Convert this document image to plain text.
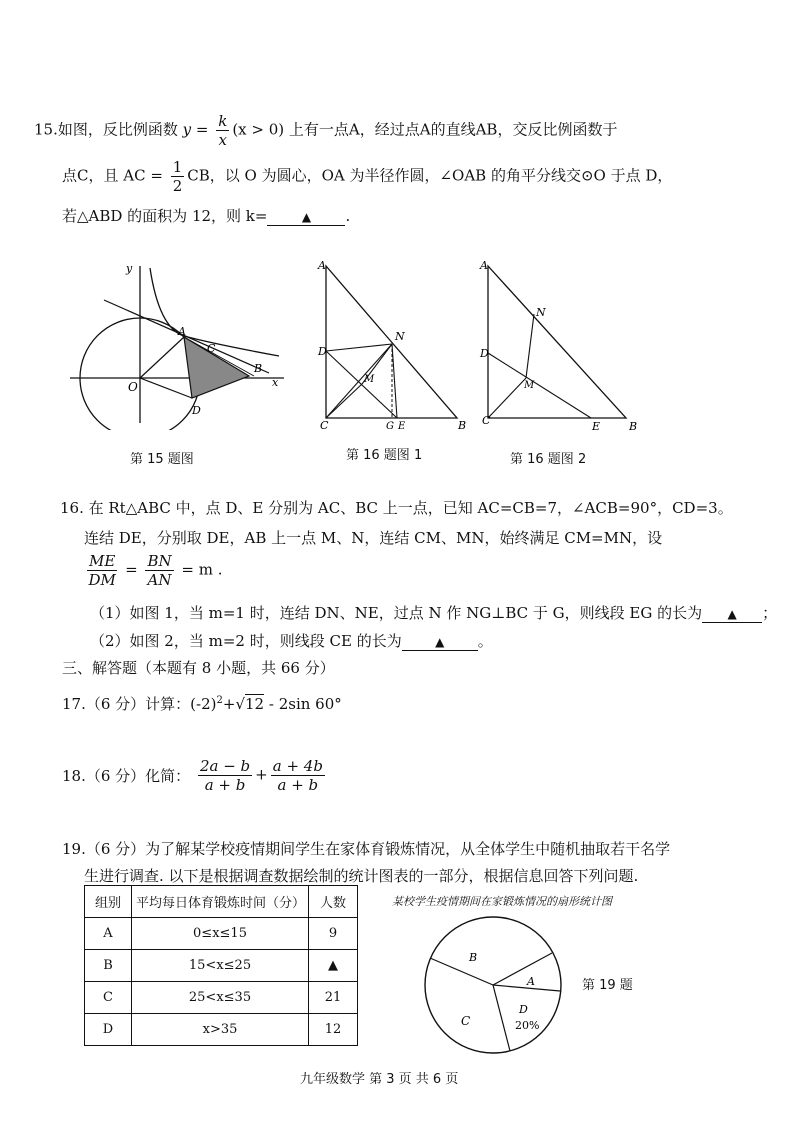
15.如图，反比例函数 $y = \frac{k}{x} (x > 0)$ 上有一点A，经过点A的直线AB，交反比例函数于
点C，且 AC = $\frac{1}{2}$ CB，以 O 为圆心，OA 为半径作圆，∠OAB 的角平分线交⊙O 于点 D，
若△ABD 的面积为 12，则 k=	▲ .
y
x
O
A
C
B
D
第 15 题图
A
D
N
M
C	G E	B
第 16 题图 1
A
N
D
M
C	E	B
第 16 题图 2
16. 在 Rt△ABC 中，点 D、E 分别为 AC、BC 上一点，已知 AC=CB=7，∠ACB=90°，CD=3。
连结 DE，分别取 DE，AB 上一点 M、N，连结 CM、MN，始终满足 CM=MN，设
$\frac{ME}{DM} = \frac{BN}{AN} = m$ .
（1）如图 1，当 m=1 时，连结 DN、NE，过点 N 作 NG⊥BC 于 G，则线段 EG 的长为 ▲ ；
（2）如图 2，当 m=2 时，则线段 CE 的长为	▲ 。
三、解答题（本题有 8 小题，共 66 分）
17.（6 分）计算：$(-2)^2+√12 - 2\sin$ 60°
18.（6 分）化简： $\frac{2a - b}{a + b} + \frac{a + 4b}{a + b}$
19.（6 分）为了解某学校疫情期间学生在家体育锻炼情况，从全体学生中随机抽取若干名学
生进行调查. 以下是根据调查数据绘制的统计图表的一部分，根据信息回答下列问题.
组别	平均每日体育锻炼时间（分）	人数
A	0≤x≤15	9
B	15<x≤25	▲
C	25<x≤35	21
D	x>35	12
某校学生疫情期间在家锻炼情况的扇形统计图
B
A
D
20%
C
第 19 题
九年级数学 第 3 页 共 6 页
